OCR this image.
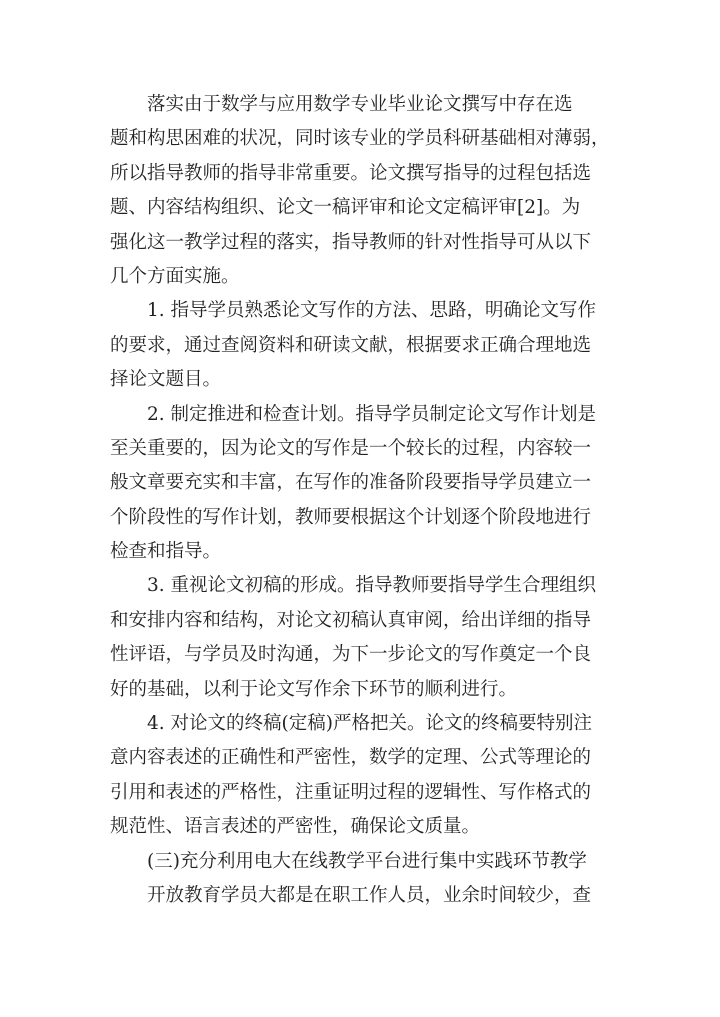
落实由于数学与应用数学专业毕业论文撰写中存在选
题和构思困难的状况，同时该专业的学员科研基础相对薄弱，
所以指导教师的指导非常重要。论文撰写指导的过程包括选
题、内容结构组织、论文一稿评审和论文定稿评审[2]。为
强化这一教学过程的落实，指导教师的针对性指导可从以下
几个方面实施。
1. 指导学员熟悉论文写作的方法、思路，明确论文写作
的要求，通过查阅资料和研读文献，根据要求正确合理地选
择论文题目。
2. 制定推进和检查计划。指导学员制定论文写作计划是
至关重要的，因为论文的写作是一个较长的过程，内容较一
般文章要充实和丰富，在写作的准备阶段要指导学员建立一
个阶段性的写作计划，教师要根据这个计划逐个阶段地进行
检查和指导。
3. 重视论文初稿的形成。指导教师要指导学生合理组织
和安排内容和结构，对论文初稿认真审阅，给出详细的指导
性评语，与学员及时沟通，为下一步论文的写作奠定一个良
好的基础，以利于论文写作余下环节的顺利进行。
4. 对论文的终稿(定稿)严格把关。论文的终稿要特别注
意内容表述的正确性和严密性，数学的定理、公式等理论的
引用和表述的严格性，注重证明过程的逻辑性、写作格式的
规范性、语言表述的严密性，确保论文质量。
(三)充分利用电大在线教学平台进行集中实践环节教学
开放教育学员大都是在职工作人员，业余时间较少，查
